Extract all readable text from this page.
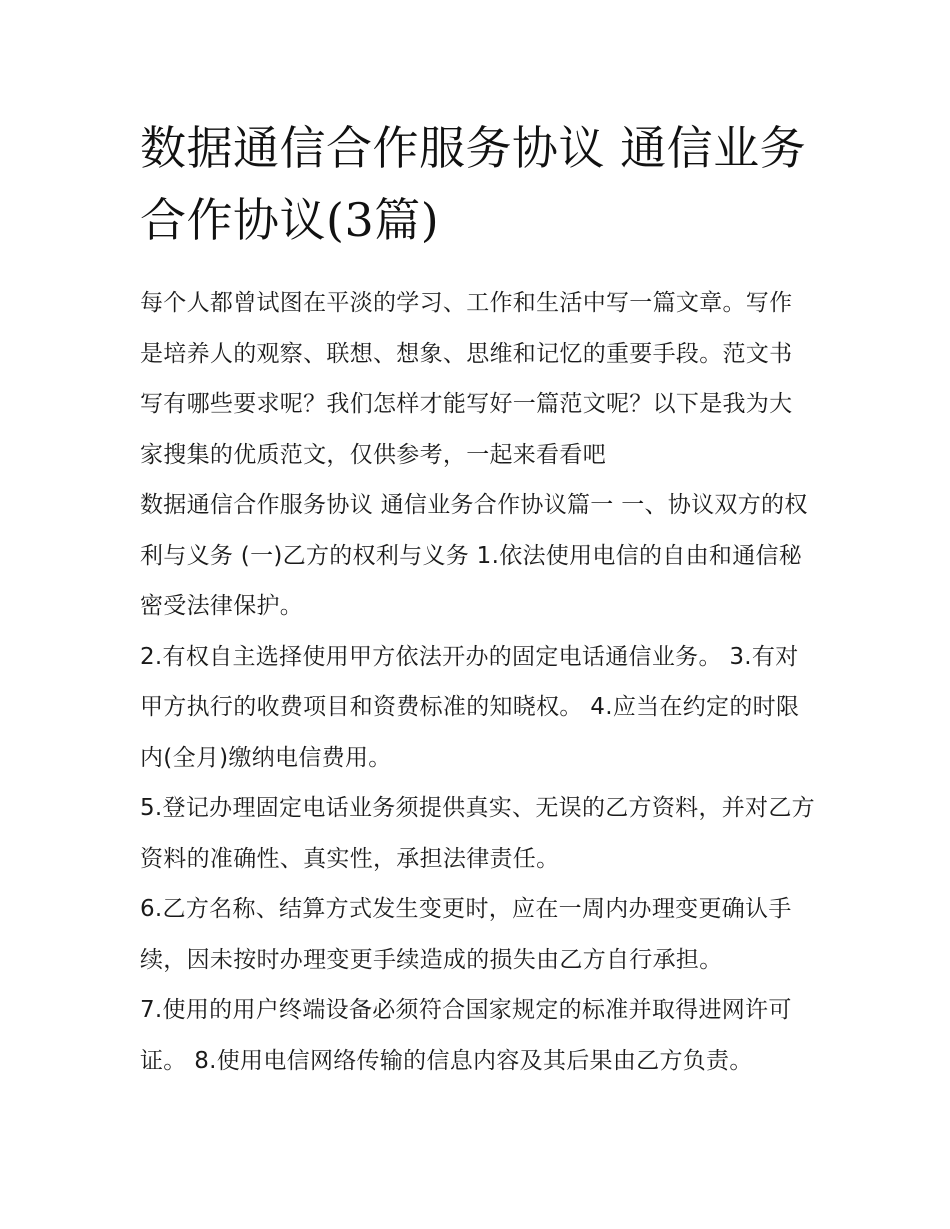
数据通信合作服务协议 通信业务合作协议(3篇)

每个人都曾试图在平淡的学习、工作和生活中写一篇文章。写作是培养人的观察、联想、想象、思维和记忆的重要手段。范文书写有哪些要求呢？我们怎样才能写好一篇范文呢？以下是我为大家搜集的优质范文，仅供参考，一起来看看吧

数据通信合作服务协议 通信业务合作协议篇一 一、协议双方的权利与义务 (一)乙方的权利与义务 1.依法使用电信的自由和通信秘密受法律保护。

2.有权自主选择使用甲方依法开办的固定电话通信业务。 3.有对甲方执行的收费项目和资费标准的知晓权。 4.应当在约定的时限内(全月)缴纳电信费用。

5.登记办理固定电话业务须提供真实、无误的乙方资料，并对乙方资料的准确性、真实性，承担法律责任。

6.乙方名称、结算方式发生变更时，应在一周内办理变更确认手续，因未按时办理变更手续造成的损失由乙方自行承担。

7.使用的用户终端设备必须符合国家规定的标准并取得进网许可证。 8.使用电信网络传输的信息内容及其后果由乙方负责。
